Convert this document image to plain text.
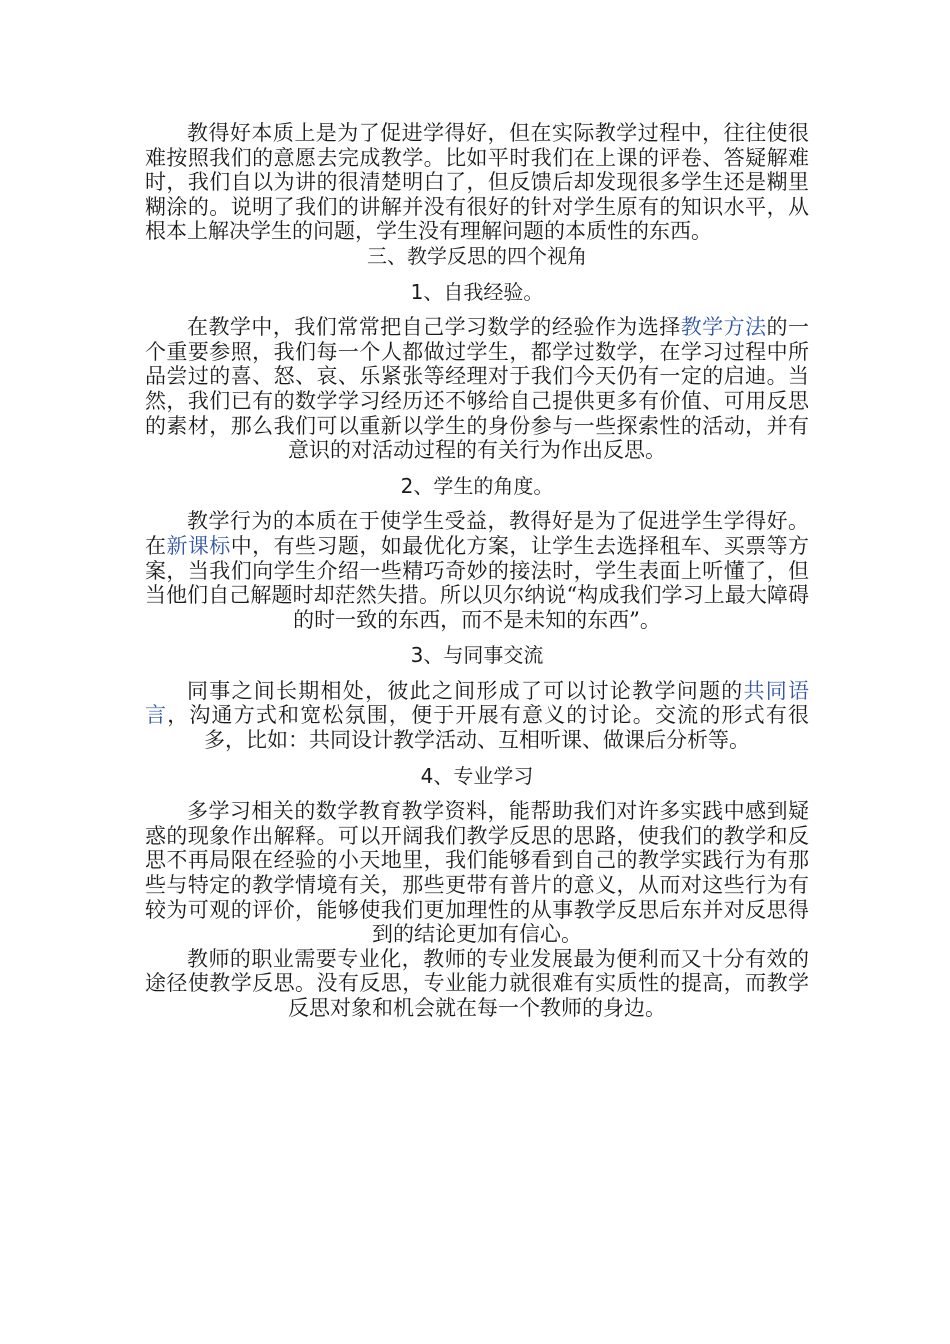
教得好本质上是为了促进学得好，但在实际教学过程中，往往使很难按照我们的意愿去完成教学。比如平时我们在上课的评卷、答疑解难时，我们自以为讲的很清楚明白了，但反馈后却发现很多学生还是糊里糊涂的。说明了我们的讲解并没有很好的针对学生原有的知识水平，从根本上解决学生的问题，学生没有理解问题的本质性的东西。

三、教学反思的四个视角

1、自我经验。

在教学中，我们常常把自己学习数学的经验作为选择教学方法的一个重要参照，我们每一个人都做过学生，都学过数学，在学习过程中所品尝过的喜、怒、哀、乐紧张等经理对于我们今天仍有一定的启迪。当然，我们已有的数学学习经历还不够给自己提供更多有价值、可用反思的素材，那么我们可以重新以学生的身份参与一些探索性的活动，并有意识的对活动过程的有关行为作出反思。

2、学生的角度。

教学行为的本质在于使学生受益，教得好是为了促进学生学得好。在新课标中，有些习题，如最优化方案，让学生去选择租车、买票等方案，当我们向学生介绍一些精巧奇妙的接法时，学生表面上听懂了，但当他们自己解题时却茫然失措。所以贝尔纳说“构成我们学习上最大障碍的时一致的东西，而不是未知的东西”。

3、与同事交流

同事之间长期相处，彼此之间形成了可以讨论教学问题的共同语言，沟通方式和宽松氛围，便于开展有意义的讨论。交流的形式有很多，比如：共同设计教学活动、互相听课、做课后分析等。

4、专业学习

多学习相关的数学教育教学资料，能帮助我们对许多实践中感到疑惑的现象作出解释。可以开阔我们教学反思的思路，使我们的教学和反思不再局限在经验的小天地里，我们能够看到自己的教学实践行为有那些与特定的教学情境有关，那些更带有普片的意义，从而对这些行为有较为可观的评价，能够使我们更加理性的从事教学反思后东并对反思得到的结论更加有信心。

教师的职业需要专业化，教师的专业发展最为便利而又十分有效的途径使教学反思。没有反思，专业能力就很难有实质性的提高，而教学反思对象和机会就在每一个教师的身边。
